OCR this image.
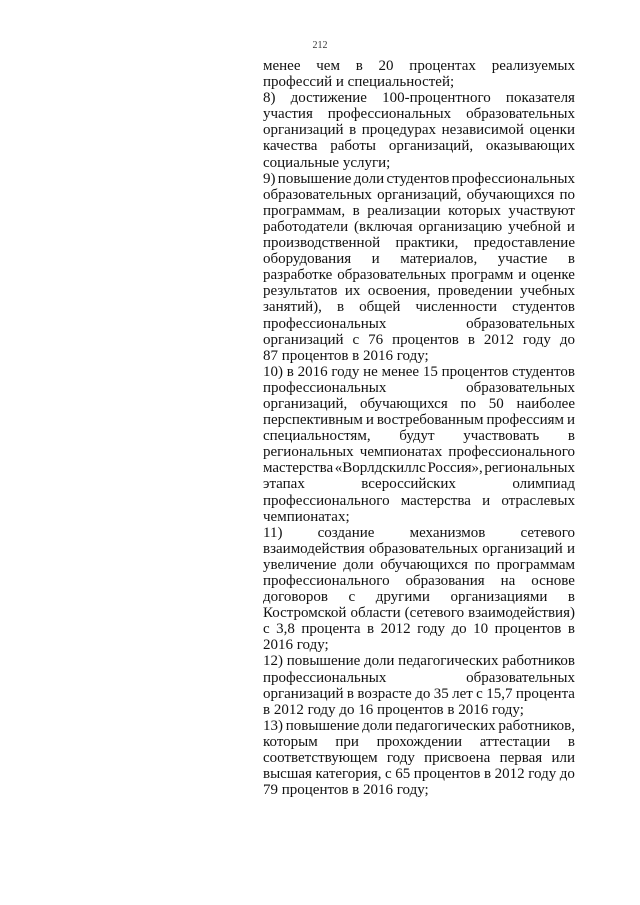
212

менее чем в 20 процентах реализуемых
профессий и специальностей;

8) достижение 100-процентного показателя
участия профессиональных образовательных
организаций в процедурах независимой оценки
качества работы организаций, оказывающих
социальные услуги;

9) повышение доли студентов профессиональных
образовательных организаций, обучающихся по
программам, в реализации которых участвуют
работодатели (включая организацию учебной и
производственной практики, предоставление
оборудования и материалов, участие в
разработке образовательных программ и оценке
результатов их освоения, проведении учебных
занятий), в общей численности студентов
профессиональных	образовательных
организаций с 76 процентов в 2012 году до
87 процентов в 2016 году;

10) в 2016 году не менее 15 процентов студентов
профессиональных	образовательных
организаций, обучающихся по 50 наиболее
перспективным и востребованным профессиям и
специальностям, будут участвовать в
региональных чемпионатах профессионального
мастерства «Ворлдскиллс Россия», региональных
этапах	всероссийских	олимпиад
профессионального мастерства и отраслевых
чемпионатах;

11) создание механизмов сетевого
взаимодействия образовательных организаций и
увеличение доли обучающихся по программам
профессионального образования на основе
договоров с другими организациями в
Костромской области (сетевого взаимодействия)
с 3,8 процента в 2012 году до 10 процентов в
2016 году;

12) повышение доли педагогических работников
профессиональных	образовательных
организаций в возрасте до 35 лет с 15,7 процента
в 2012 году до 16 процентов в 2016 году;

13) повышение доли педагогических работников,
которым при прохождении аттестации в
соответствующем году присвоена первая или
высшая категория, с 65 процентов в 2012 году до
79 процентов в 2016 году;
